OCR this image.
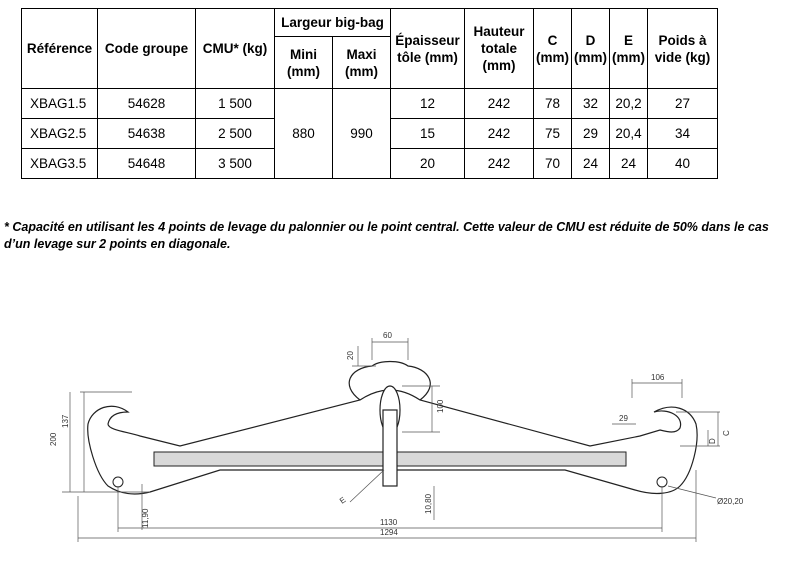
Référence	Code groupe	CMU* (kg)	Largeur big-bag		Épaisseur tôle (mm)	Hauteur totale (mm)	C (mm)	D (mm)	E (mm)	Poids à vide (kg)
			Mini (mm)	Maxi (mm)						
XBAG1.5	54628	1 500	880	990	12	242	78	32	20,2	27
XBAG2.5	54638	2 500			15	242	75	29	20,4	34
XBAG3.5	54648	3 500			20	242	70	24	24	40

* Capacité en utilisant les 4 points de levage du palonnier ou le point central. Cette valeur de CMU est réduite de 50% dans le cas d’un levage sur 2 points en diagonale.

60
20
100
106
29
137
200	D
C
E
11,90
10,80	Ø20,20
1130
1294
